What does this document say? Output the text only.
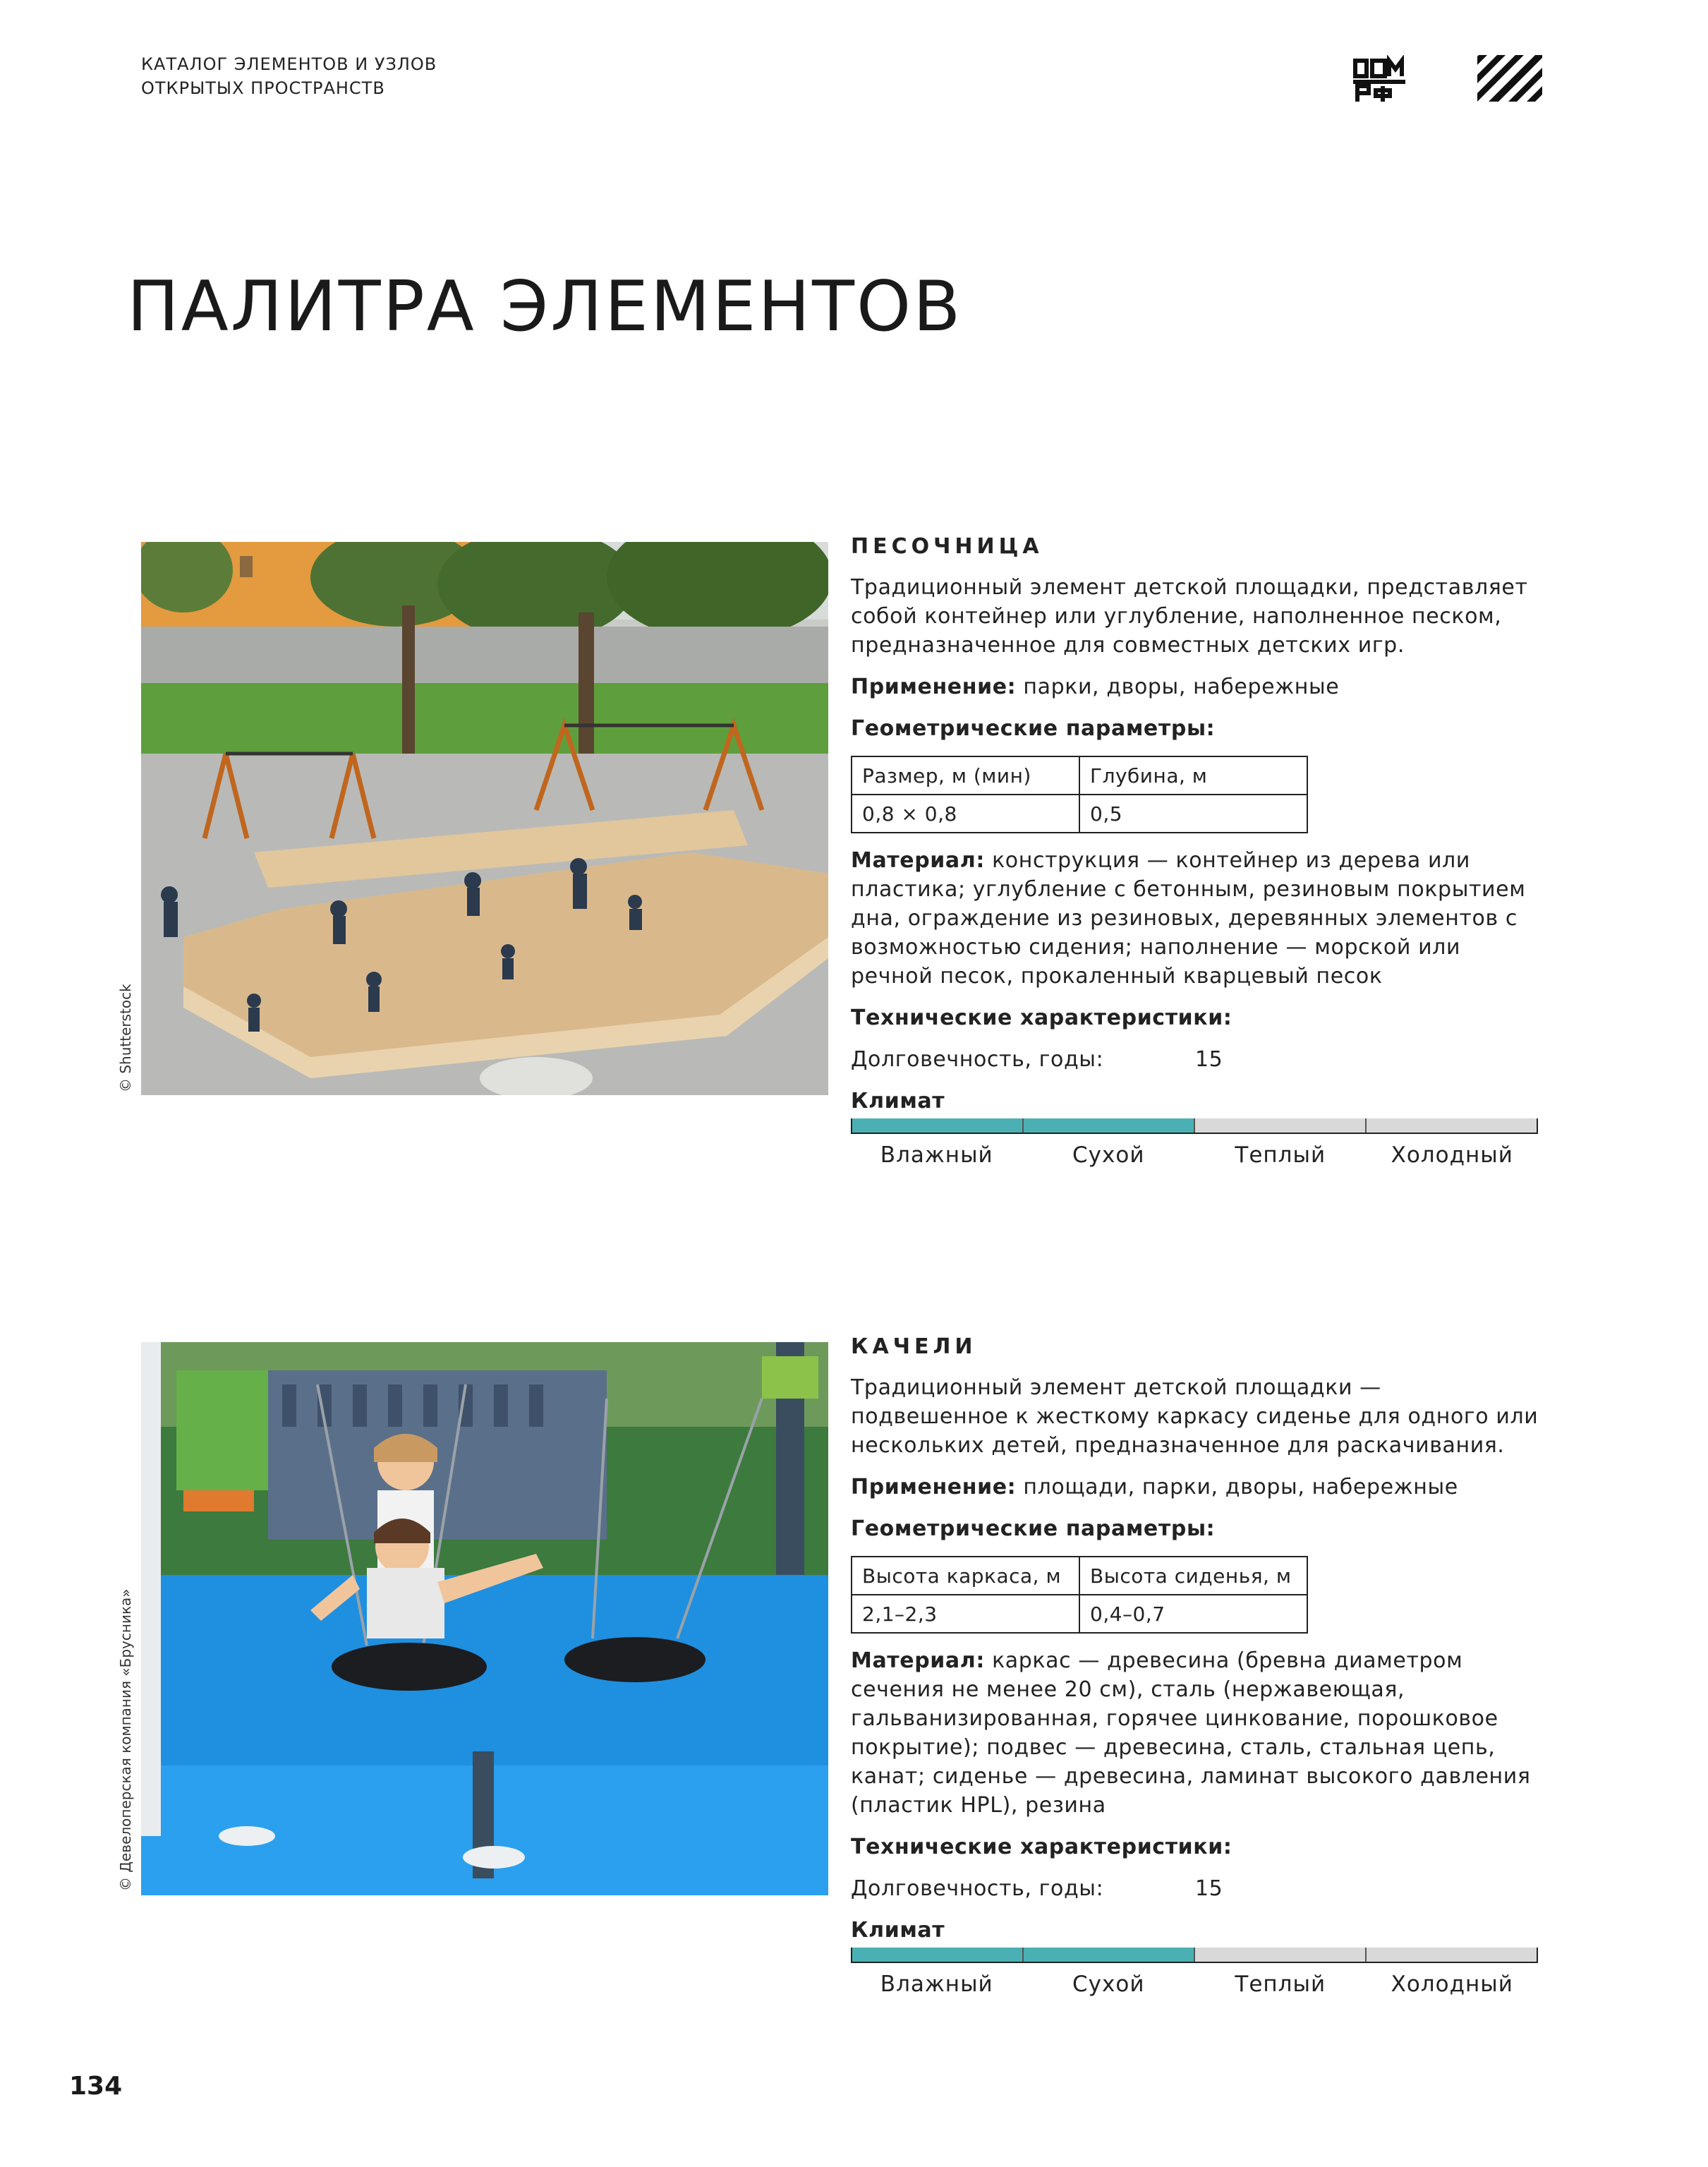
КАТАЛОГ ЭЛЕМЕНТОВ И УЗЛОВ
ОТКРЫТЫХ ПРОСТРАНСТВ
ПАЛИТРА ЭЛЕМЕНТОВ
© Shutterstock
ПЕСОЧНИЦА

Традиционный элемент детской площадки, представляет собой контейнер или углубление, наполненное песком, предназначенное для совместных детских игр.

Применение: парки, дворы, набережные

Геометрические параметры:

Размер, м (мин)	Глубина, м
0,8 × 0,8	0,5

Материал: конструкция — контейнер из дерева или пластика; углубление с бетонным, резиновым покрытием дна, ограждение из резиновых, деревянных элементов с возможностью сидения; наполнение — морской или речной песок, прокаленный кварцевый песок

Технические характеристики:

Долговечность, годы:	15

Климат

Влажный	Сухой	Теплый	Холодный
© Девелоперская компания «Брусника»
КАЧЕЛИ

Традиционный элемент детской площадки — подвешенное к жесткому каркасу сиденье для одного или нескольких детей, предназначенное для раскачивания.

Применение: площади, парки, дворы, набережные

Геометрические параметры:

Высота каркаса, м	Высота сиденья, м
2,1–2,3	0,4–0,7

Материал: каркас — древесина (бревна диаметром сечения не менее 20 см), сталь (нержавеющая, гальванизированная, горячее цинкование, порошковое покрытие); подвес — древесина, сталь, стальная цепь, канат; сиденье — древесина, ламинат высокого давления (пластик HPL), резина

Технические характеристики:

Долговечность, годы:	15

Климат

Влажный	Сухой	Теплый	Холодный
134
